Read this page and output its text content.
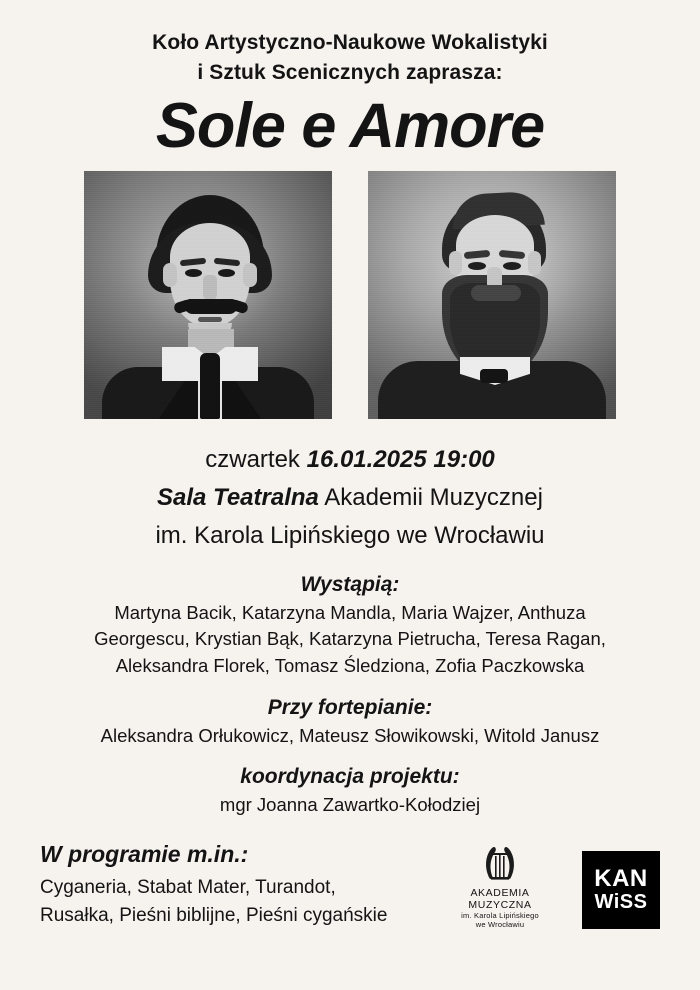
Koło Artystyczno-Naukowe Wokalistyki
i Sztuk Scenicznych zaprasza:
Sole e Amore
czwartek 16.01.2025 19:00
Sala Teatralna Akademii Muzycznej
im. Karola Lipińskiego we Wrocławiu
Wystąpią:
Martyna Bacik, Katarzyna Mandla, Maria Wajzer, Anthuza
Georgescu, Krystian Bąk, Katarzyna Pietrucha, Teresa Ragan,
Aleksandra Florek, Tomasz Śledziona, Zofia Paczkowska
Przy fortepianie:
Aleksandra Orłukowicz, Mateusz Słowikowski, Witold Janusz
koordynacja projektu:
mgr Joanna Zawartko-Kołodziej
W programie m.in.:
Cyganeria, Stabat Mater, Turandot,
Rusałka, Pieśni biblijne, Pieśni cygańskie
AKADEMIA MUZYCZNA
im. Karola Lipińskiego
we Wrocławiu
KAN
WiSS
